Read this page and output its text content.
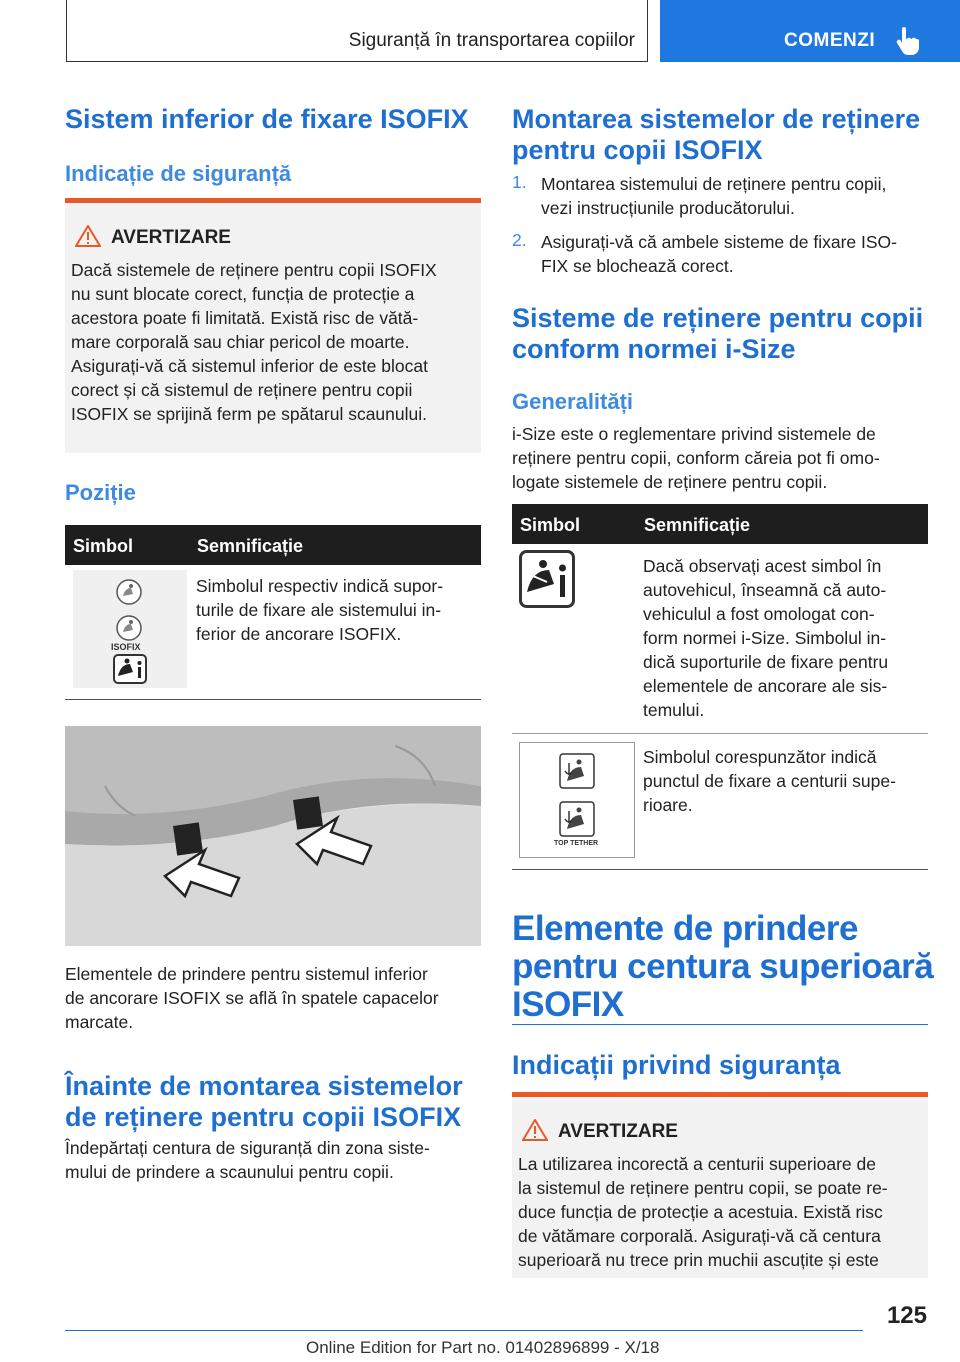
Siguranță în transportarea copiilor	COMENZI
Sistem inferior de fixare ISOFIX
Indicație de siguranță
AVERTIZARE
Dacă sistemele de reținere pentru copii ISOFIX
nu sunt blocate corect, funcția de protecție a
acestora poate fi limitată. Există risc de vătă-
mare corporală sau chiar pericol de moarte.
Asigurați-vă că sistemul inferior de este blocat
corect și că sistemul de reținere pentru copii
ISOFIX se sprijină ferm pe spătarul scaunului.
Poziție
Simbol	Semnificație
ISOFIX
Simbolul respectiv indică supor-
turile de fixare ale sistemului in-
ferior de ancorare ISOFIX.
Elementele de prindere pentru sistemul inferior
de ancorare ISOFIX se află în spatele capacelor
marcate.
Înainte de montarea sistemelor
de reținere pentru copii ISOFIX
Îndepărtați centura de siguranță din zona siste-
mului de prindere a scaunului pentru copii.
Montarea sistemelor de reținere
pentru copii ISOFIX
1. Montarea sistemului de reținere pentru copii,
vezi instrucțiunile producătorului.
2. Asigurați-vă că ambele sisteme de fixare ISO-
FIX se blochează corect.
Sisteme de reținere pentru copii
conform normei i-Size
Generalități
i-Size este o reglementare privind sistemele de
reținere pentru copii, conform căreia pot fi omo-
logate sistemele de reținere pentru copii.
Simbol	Semnificație
Dacă observați acest simbol în
autovehicul, înseamnă că auto-
vehiculul a fost omologat con-
form normei i-Size. Simbolul in-
dică suporturile de fixare pentru
elementele de ancorare ale sis-
temului.
TOP TETHER
Simbolul corespunzător indică
punctul de fixare a centurii supe-
rioare.
Elemente de prindere
pentru centura superioară
ISOFIX
Indicații privind siguranța
AVERTIZARE
La utilizarea incorectă a centurii superioare de
la sistemul de reținere pentru copii, se poate re-
duce funcția de protecție a acestuia. Există risc
de vătămare corporală. Asigurați-vă că centura
superioară nu trece prin muchii ascuțite și este
125
Online Edition for Part no. 01402896899 - X/18
